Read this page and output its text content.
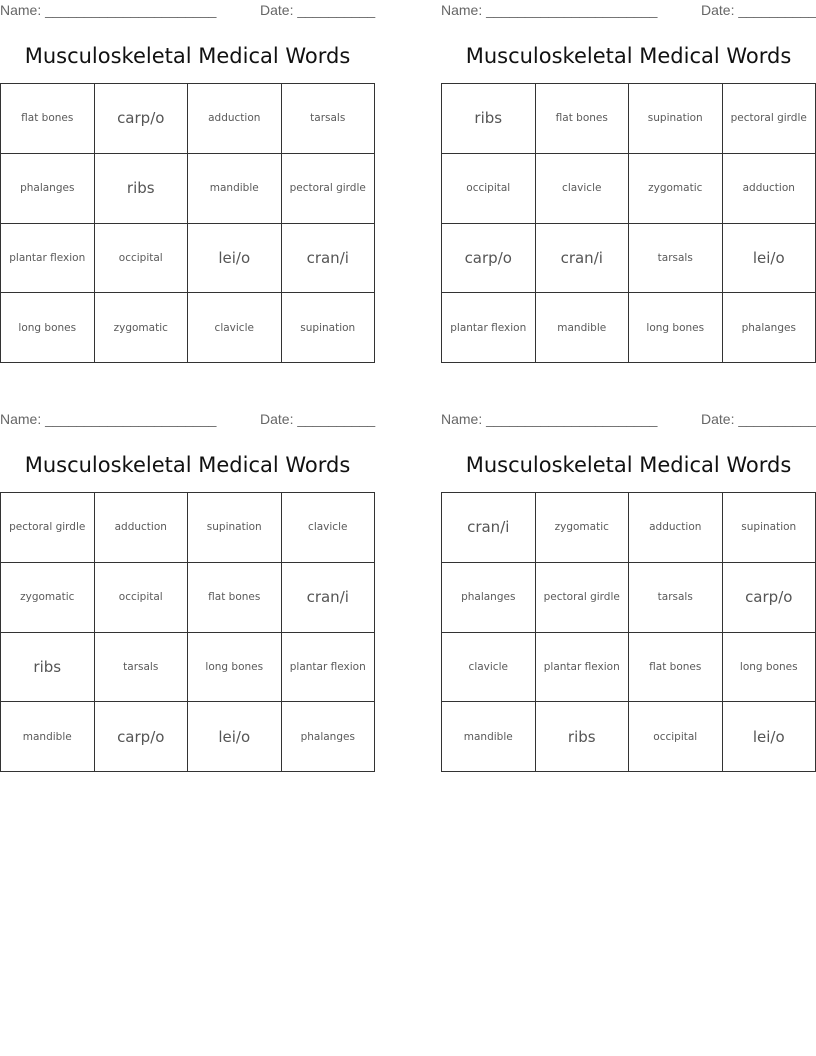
Name: ______________________	Date: __________
Musculoskeletal Medical Words
flat bones	carp/o	adduction	tarsals
phalanges	ribs	mandible	pectoral girdle
plantar flexion	occipital	lei/o	cran/i
long bones	zygomatic	clavicle	supination
Name: ______________________	Date: __________
Musculoskeletal Medical Words
ribs	flat bones	supination	pectoral girdle
occipital	clavicle	zygomatic	adduction
carp/o	cran/i	tarsals	lei/o
plantar flexion	mandible	long bones	phalanges
Name: ______________________	Date: __________
Musculoskeletal Medical Words
pectoral girdle	adduction	supination	clavicle
zygomatic	occipital	flat bones	cran/i
ribs	tarsals	long bones	plantar flexion
mandible	carp/o	lei/o	phalanges
Name: ______________________	Date: __________
Musculoskeletal Medical Words
cran/i	zygomatic	adduction	supination
phalanges	pectoral girdle	tarsals	carp/o
clavicle	plantar flexion	flat bones	long bones
mandible	ribs	occipital	lei/o
